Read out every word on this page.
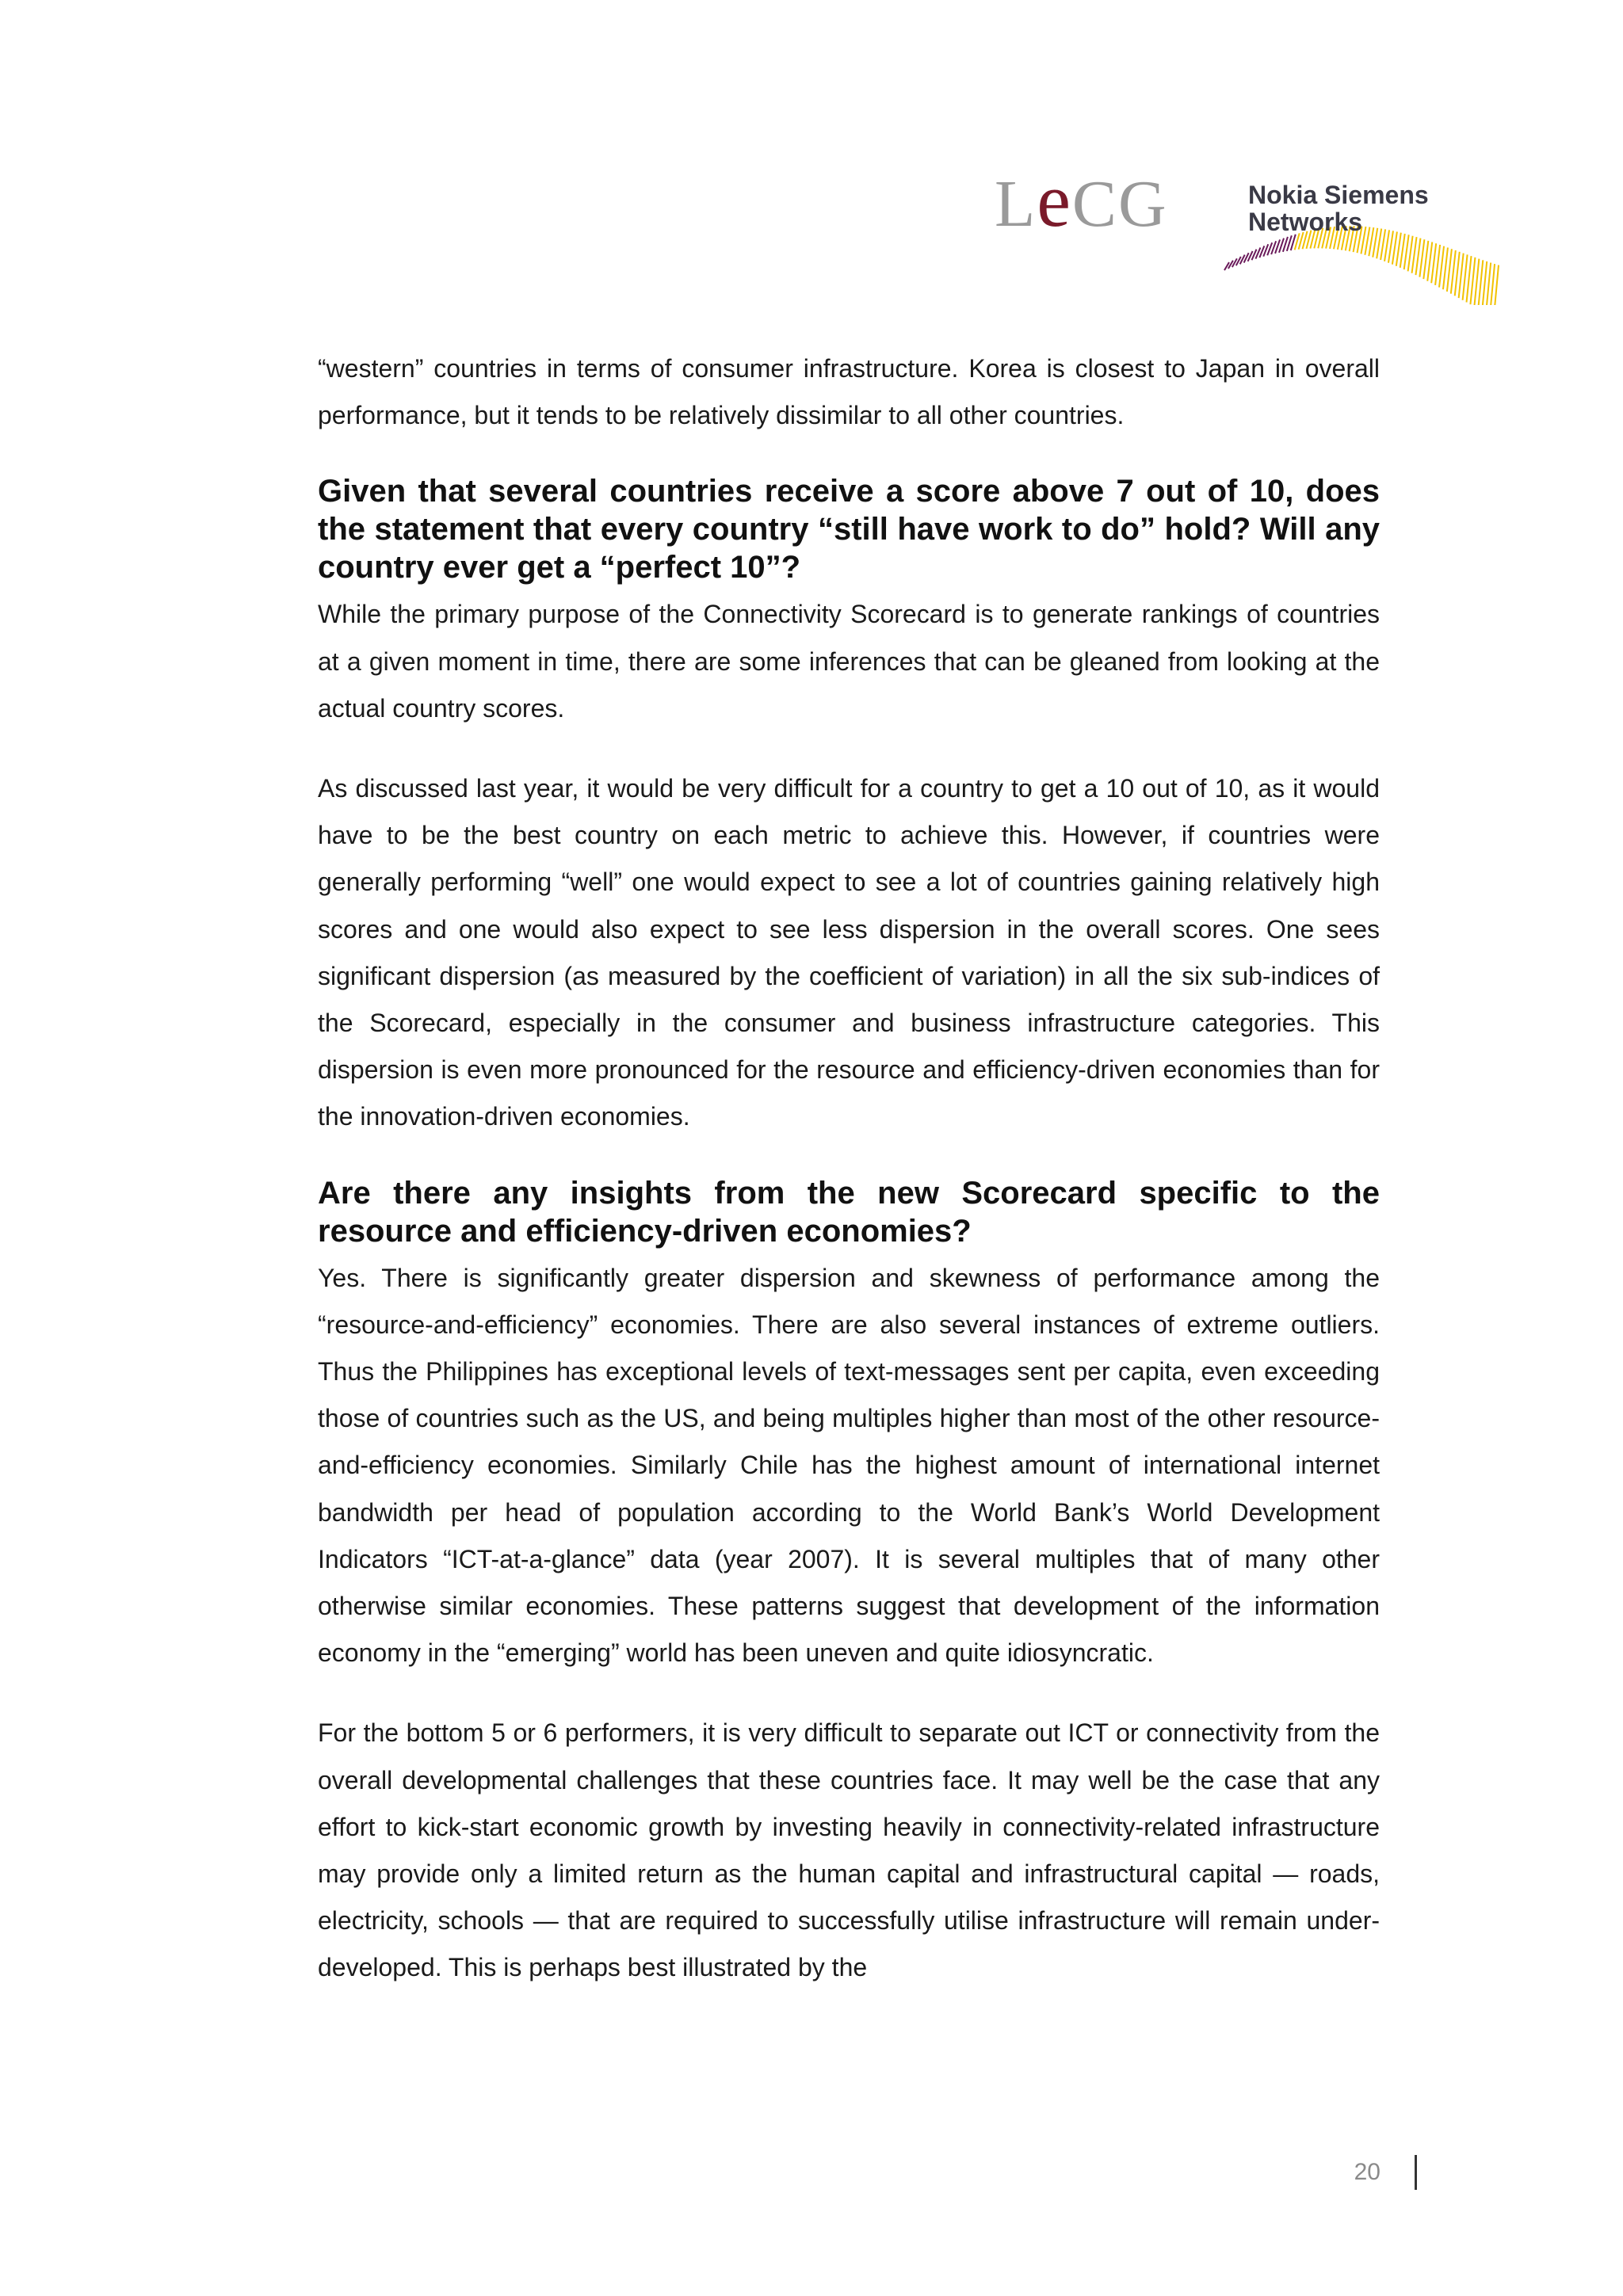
LeCG	Nokia Siemens
Networks

“western” countries in terms of consumer infrastructure. Korea is closest to Japan in overall performance, but it tends to be relatively dissimilar to all other countries.

Given that several countries receive a score above 7 out of 10, does the statement that every country “still have work to do” hold? Will any country ever get a “perfect 10”?

While the primary purpose of the Connectivity Scorecard is to generate rankings of countries at a given moment in time, there are some inferences that can be gleaned from looking at the actual country scores.

As discussed last year, it would be very difficult for a country to get a 10 out of 10, as it would have to be the best country on each metric to achieve this. However, if countries were generally performing “well” one would expect to see a lot of countries gaining relatively high scores and one would also expect to see less dispersion in the overall scores. One sees significant dispersion (as measured by the coefficient of variation) in all the six sub-indices of the Scorecard, especially in the consumer and business infrastructure categories. This dispersion is even more pronounced for the resource and efficiency-driven economies than for the innovation-driven economies.

Are there any insights from the new Scorecard specific to the resource and efficiency-driven economies?

Yes. There is significantly greater dispersion and skewness of performance among the “resource-and-efficiency” economies. There are also several instances of extreme outliers. Thus the Philippines has exceptional levels of text-messages sent per capita, even exceeding those of countries such as the US, and being multiples higher than most of the other resource-and-efficiency economies. Similarly Chile has the highest amount of international internet bandwidth per head of population according to the World Bank’s World Development Indicators “ICT-at-a-glance” data (year 2007). It is several multiples that of many other otherwise similar economies. These patterns suggest that development of the information economy in the “emerging” world has been uneven and quite idiosyncratic.

For the bottom 5 or 6 performers, it is very difficult to separate out ICT or connectivity from the overall developmental challenges that these countries face. It may well be the case that any effort to kick-start economic growth by investing heavily in connectivity-related infrastructure may provide only a limited return as the human capital and infrastructural capital — roads, electricity, schools — that are required to successfully utilise infrastructure will remain under-developed. This is perhaps best illustrated by the

20
